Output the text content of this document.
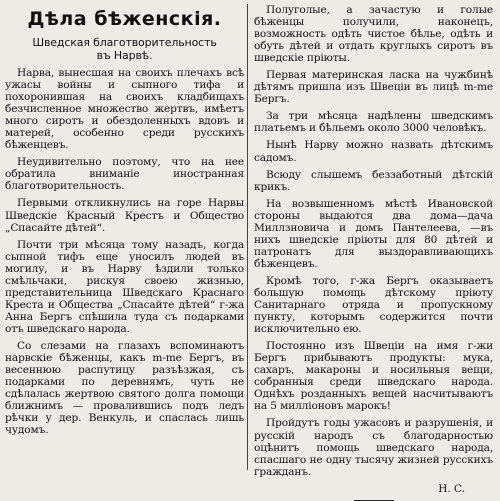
Дѣла бѣженскія.
Шведская благотворительность
въ Нарвѣ.

Нарва, вынесшая на своихъ плечахъ всѣ ужасы войны и сыпного тифа и похоронившая на своихъ кладбищахъ безчисленное множество жертвъ, имѣетъ много сиротъ и обездоленныхъ вдовъ и матерей, особенно среди русскихъ бѣженцевъ.

Неудивительно поэтому, что на нее обратила вниманіе иностранная благотворительность.

Первыми откликнулись на горе Нарвы Шведскіе Красный Крестъ и Общество „Спасайте дѣтей“.

Почти три мѣсяца тому назадъ, когда сыпной тифъ еще уносилъ людей въ могилу, и въ Нарву ѣздили только смѣльчаки, рискуя своею жизнью, представительница Шведскаго Краснаго Креста и Общества „Спасайте дѣтей“ г-жа Анна Бергъ спѣшила туда съ подарками отъ шведскаго народа.

Со слезами на глазахъ вспоминаютъ нарвскіе бѣженцы, какъ m-me Бергъ, въ весеннюю распутицу разъѣзжая, съ подарками по деревнямъ, чуть не сдѣлалась жертвою святого долга помощи ближнимъ — провалившись подъ ледъ рѣчки у дер. Венкуль, и спаслась лишь чудомъ.

Полуголые, а зачастую и голые бѣженцы получили, наконецъ, возможность одѣть чистое бѣлье, одѣть и обуть дѣтей и отдать круглыхъ сиротъ въ шведскіе пріюты.

Первая материнская ласка на чужбинѣ дѣтямъ пришла изъ Швеціи въ лицѣ m-me Бергъ.

За три мѣсяца надѣлены шведскимъ платьемъ и бѣльемъ около 3000 человѣкъ.

Нынѣ Нарву можно назвать дѣтскимъ садомъ.

Всюду слышемъ беззаботный дѣтскій крикъ.

На возвышенномъ мѣстѣ Ивановской стороны выдаются два дома—дача Миллзновича и домъ Пантелеева, —въ нихъ шведскіе пріюты для 80 дѣтей и патронатъ для выздоравливающихъ бѣженцевъ.

Кромѣ того, г-жа Бергъ оказываетъ большую помощь дѣтскому пріюту Санитарнаго отряда и пропускному пункту, которымъ содержится почти исключительно ею.

Постоянно изъ Швеціи на имя г-жи Бергъ прибываютъ продукты: мука, сахаръ, макароны и носильныя вещи, собранныя среди шведскаго народа. Однѣхъ розданныхъ вещей насчитываютъ на 5 милліоновъ марокъ!

Пройдутъ годы ужасовъ и разрушенія, и русскій народъ съ благодарностью оцѣнитъ помощь шведскаго народа, спасшаго не одну тысячу жизней русскихъ гражданъ.

Н. С.
